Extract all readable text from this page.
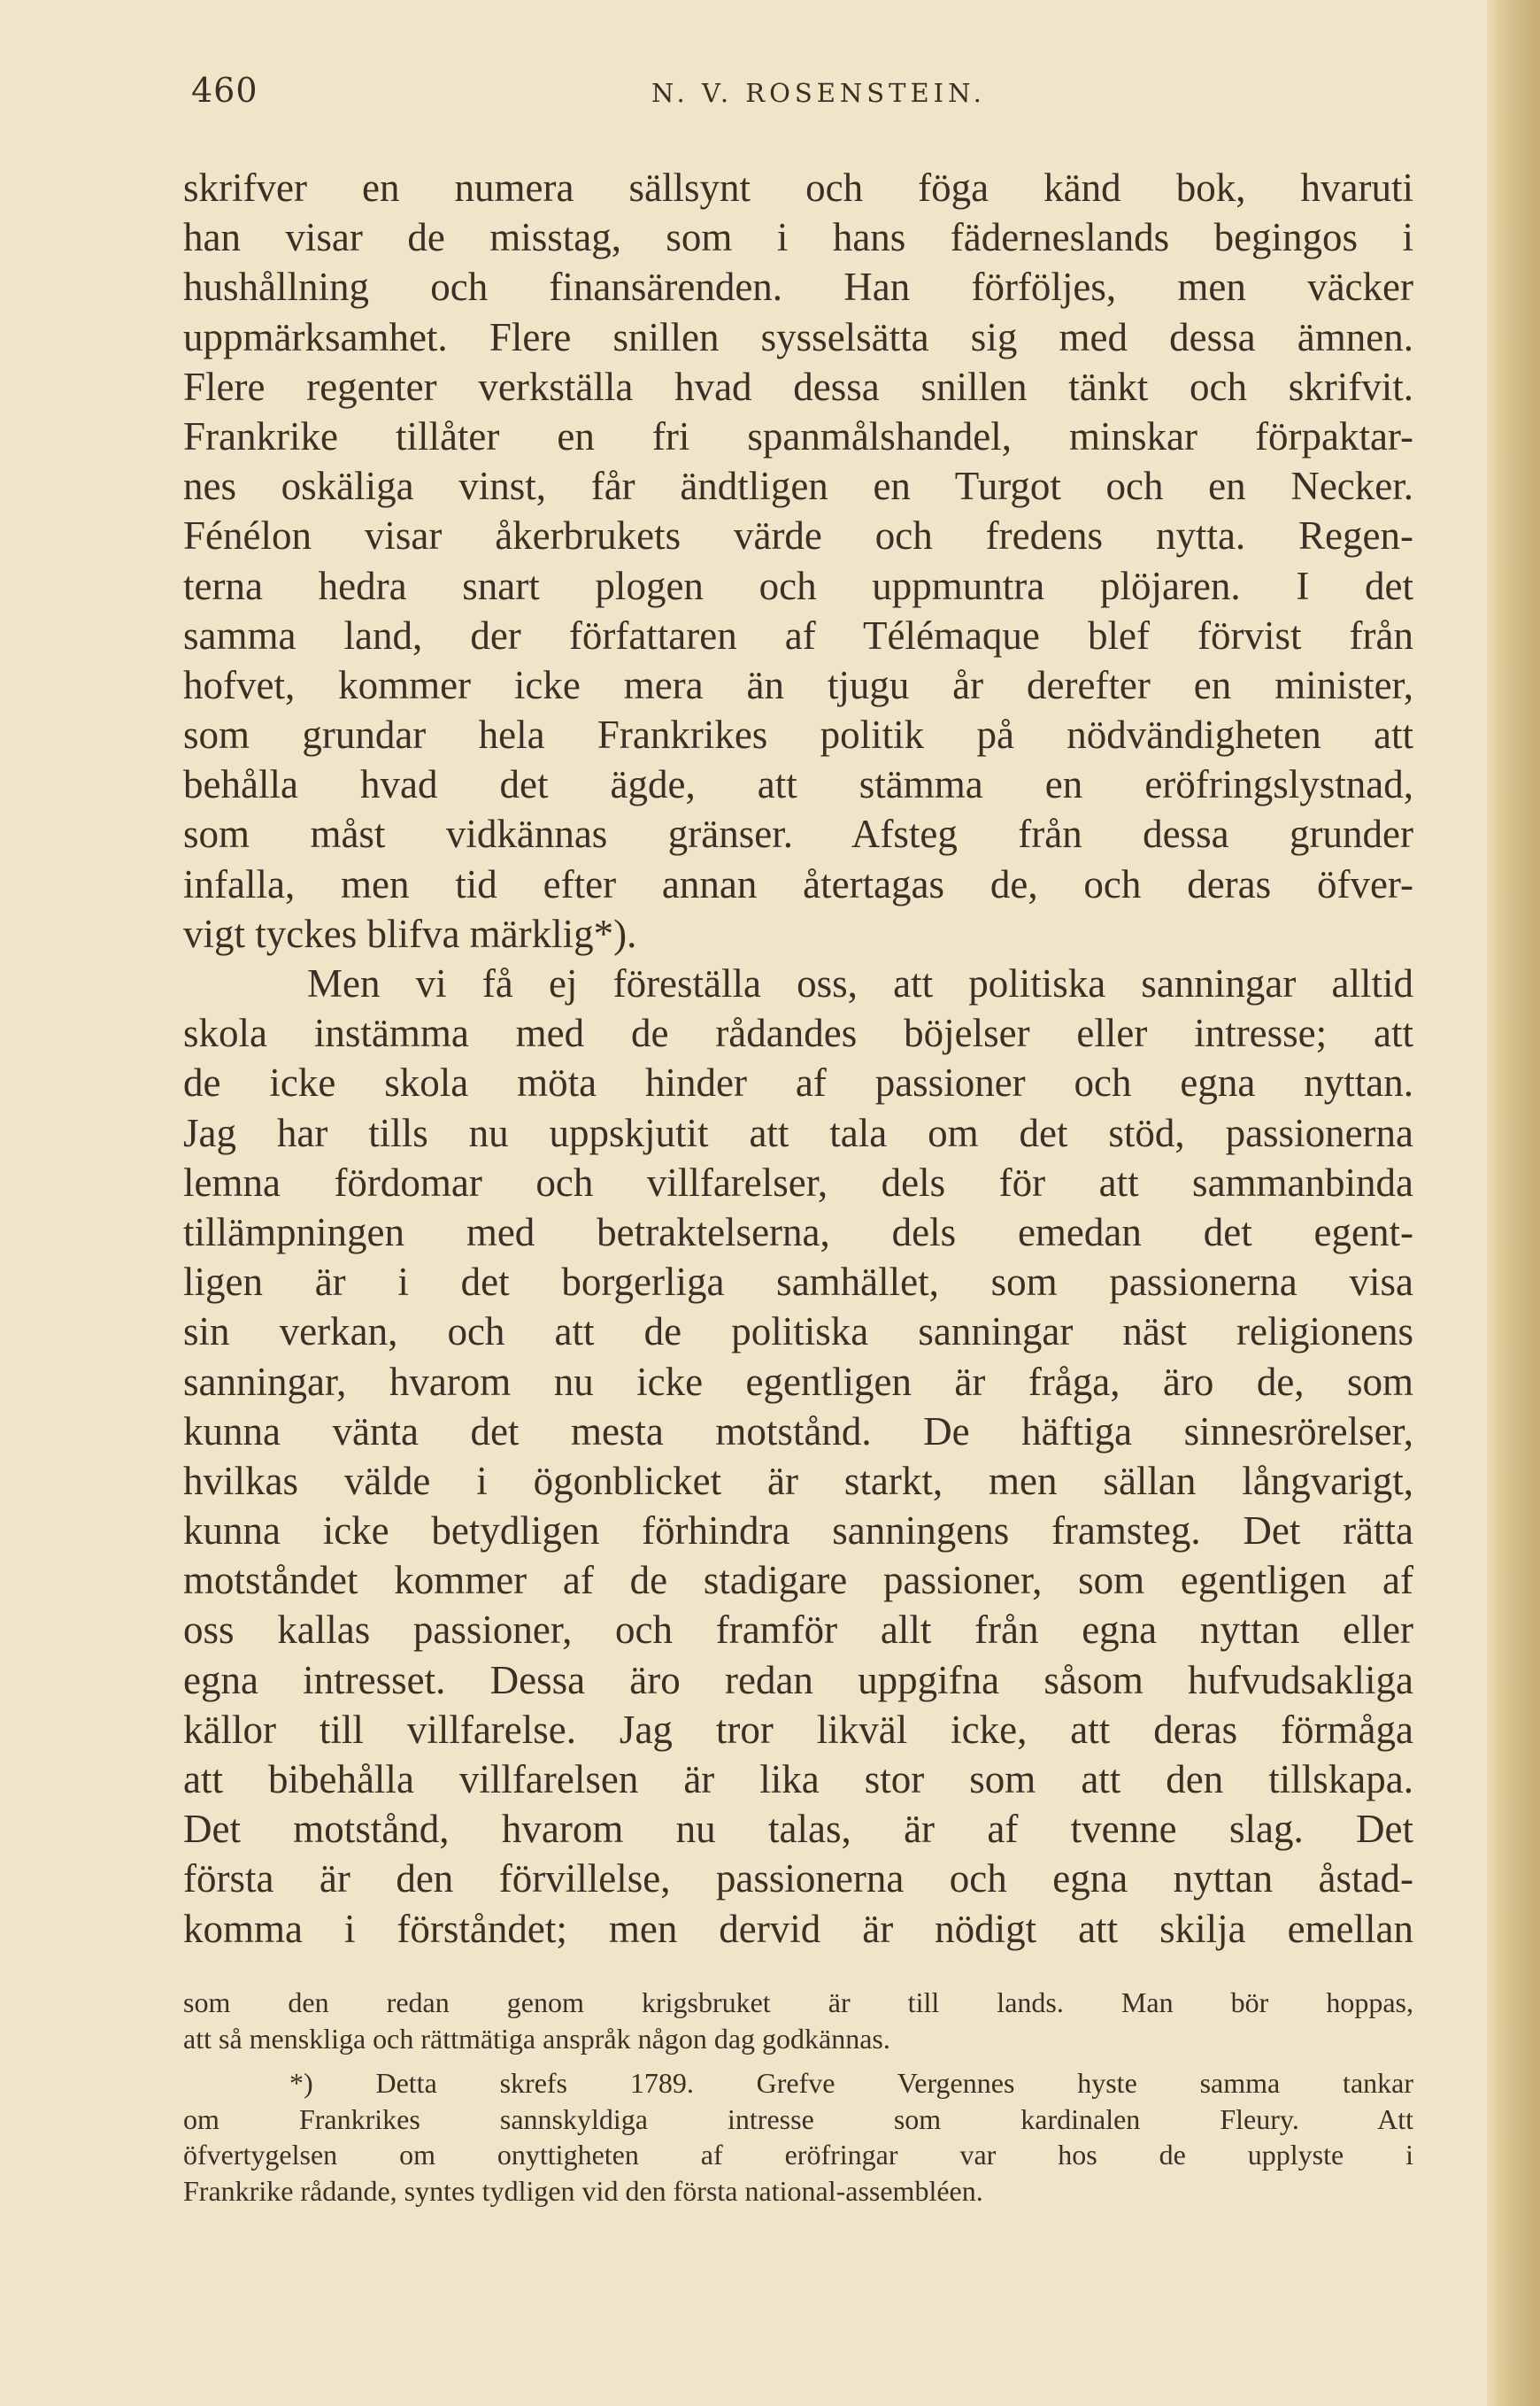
460	N. V. ROSENSTEIN.
skrifver en numera sällsynt och föga känd bok, hvaruti
han visar de misstag, som i hans fäderneslands begingos i
hushållning och finansärenden. Han förföljes, men väcker
uppmärksamhet. Flere snillen sysselsätta sig med dessa ämnen.
Flere regenter verkställa hvad dessa snillen tänkt och skrifvit.
Frankrike tillåter en fri spanmålshandel, minskar förpaktar-
nes oskäliga vinst, får ändtligen en Turgot och en Necker.
Fénélon visar åkerbrukets värde och fredens nytta. Regen-
terna hedra snart plogen och uppmuntra plöjaren. I det
samma land, der författaren af Télémaque blef förvist från
hofvet, kommer icke mera än tjugu år derefter en minister,
som grundar hela Frankrikes politik på nödvändigheten att
behålla hvad det ägde, att stämma en eröfringslystnad,
som måst vidkännas gränser. Afsteg från dessa grunder
infalla, men tid efter annan återtagas de, och deras öfver-
vigt tyckes blifva märklig*).
Men vi få ej föreställa oss, att politiska sanningar alltid
skola instämma med de rådandes böjelser eller intresse; att
de icke skola möta hinder af passioner och egna nyttan.
Jag har tills nu uppskjutit att tala om det stöd, passionerna
lemna fördomar och villfarelser, dels för att sammanbinda
tillämpningen med betraktelserna, dels emedan det egent-
ligen är i det borgerliga samhället, som passionerna visa
sin verkan, och att de politiska sanningar näst religionens
sanningar, hvarom nu icke egentligen är fråga, äro de, som
kunna vänta det mesta motstånd. De häftiga sinnesrörelser,
hvilkas välde i ögonblicket är starkt, men sällan långvarigt,
kunna icke betydligen förhindra sanningens framsteg. Det rätta
motståndet kommer af de stadigare passioner, som egentligen af
oss kallas passioner, och framför allt från egna nyttan eller
egna intresset. Dessa äro redan uppgifna såsom hufvudsakliga
källor till villfarelse. Jag tror likväl icke, att deras förmåga
att bibehålla villfarelsen är lika stor som att den tillskapa.
Det motstånd, hvarom nu talas, är af tvenne slag. Det
första är den förvillelse, passionerna och egna nyttan åstad-
komma i förståndet; men dervid är nödigt att skilja emellan
som den redan genom krigsbruket är till lands. Man bör hoppas,
att så menskliga och rättmätiga anspråk någon dag godkännas.
*) Detta skrefs 1789. Grefve Vergennes hyste samma tankar
om Frankrikes sannskyldiga intresse som kardinalen Fleury. Att
öfvertygelsen om onyttigheten af eröfringar var hos de upplyste i
Frankrike rådande, syntes tydligen vid den första national-assembléen.
